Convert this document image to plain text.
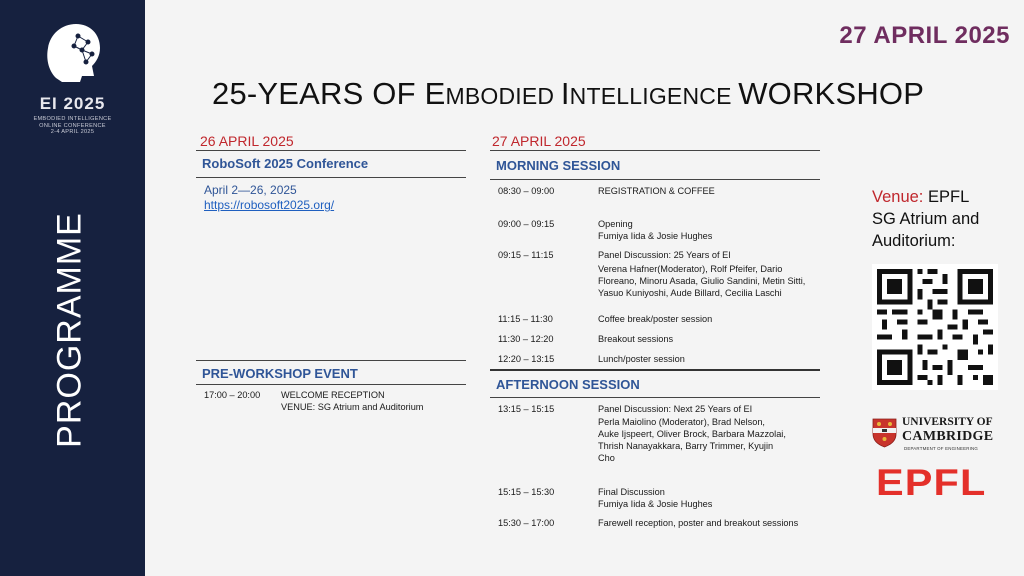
EI 2025
EMBODIED INTELLIGENCE
ONLINE CONFERENCE
2-4 APRIL 2025
PROGRAMME
27 APRIL 2025
25-YEARS OF EMBODIED INTELLIGENCE WORKSHOP
26 APRIL 2025
RoboSoft 2025 Conference
April 2—26, 2025
https://robosoft2025.org/
PRE-WORKSHOP EVENT
17:00 – 20:00 WELCOME RECEPTION
VENUE: SG Atrium and Auditorium
27 APRIL 2025
MORNING SESSION
08:30 – 09:00	REGISTRATION & COFFEE
09:00 – 09:15	Opening
Fumiya Iida & Josie Hughes
09:15 – 11:15	Panel Discussion: 25 Years of EI
Verena Hafner(Moderator), Rolf Pfeifer, Dario
Floreano, Minoru Asada, Giulio Sandini, Metin Sitti,
Yasuo Kuniyoshi, Aude Billard, Cecilia Laschi
11:15 – 11:30	Coffee break/poster session
11:30 – 12:20	Breakout sessions
12:20 – 13:15	Lunch/poster session
AFTERNOON SESSION
13:15 – 15:15	Panel Discussion: Next 25 Years of EI
Perla Maiolino (Moderator), Brad Nelson,
Auke Ijspeert, Oliver Brock, Barbara Mazzolai,
Thrish Nanayakkara, Barry Trimmer, Kyujin
Cho
15:15 – 15:30	Final Discussion
Fumiya Iida & Josie Hughes
15:30 – 17:00	Farewell reception, poster and breakout sessions
Venue: EPFL
SG Atrium and
Auditorium:
UNIVERSITY OF
CAMBRIDGE
DEPARTMENT OF ENGINEERING
EPFL
